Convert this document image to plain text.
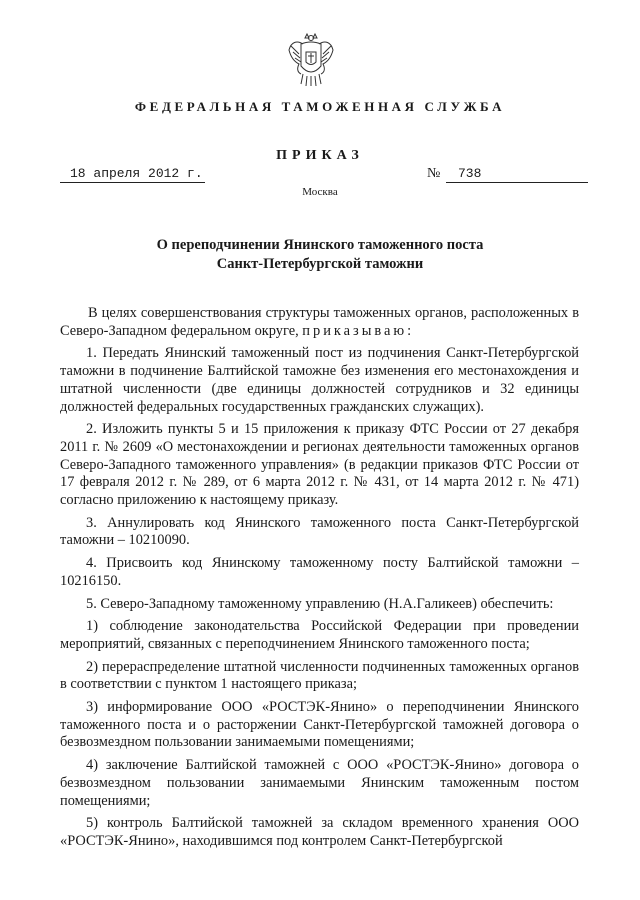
ФЕДЕРАЛЬНАЯ ТАМОЖЕННАЯ СЛУЖБА
ПРИКАЗ
18 апреля 2012 г.	№	738
Москва
О переподчинении Янинского таможенного поста
Санкт-Петербургской таможни

В целях совершенствования структуры таможенных органов, расположенных в Северо-Западном федеральном округе, приказываю:

1. Передать Янинский таможенный пост из подчинения Санкт-Петербургской таможни в подчинение Балтийской таможне без изменения его местонахождения и штатной численности (две единицы должностей сотрудников и 32 единицы должностей федеральных государственных гражданских служащих).

2. Изложить пункты 5 и 15 приложения к приказу ФТС России от 27 декабря 2011 г. № 2609 «О местонахождении и регионах деятельности таможенных органов Северо-Западного таможенного управления» (в редакции приказов ФТС России от 17 февраля 2012 г. № 289, от 6 марта 2012 г. № 431, от 14 марта 2012 г. № 471) согласно приложению к настоящему приказу.

3. Аннулировать код Янинского таможенного поста Санкт-Петербургской таможни – 10210090.

4. Присвоить код Янинскому таможенному посту Балтийской таможни – 10216150.

5. Северо-Западному таможенному управлению (Н.А.Галикеев) обеспечить:

1) соблюдение законодательства Российской Федерации при проведении мероприятий, связанных с переподчинением Янинского таможенного поста;

2) перераспределение штатной численности подчиненных таможенных органов в соответствии с пунктом 1 настоящего приказа;

3) информирование ООО «РОСТЭК-Янино» о переподчинении Янинского таможенного поста и о расторжении Санкт-Петербургской таможней договора о безвозмездном пользовании занимаемыми помещениями;

4) заключение Балтийской таможней с ООО «РОСТЭК-Янино» договора о безвозмездном пользовании занимаемыми Янинским таможенным постом помещениями;

5) контроль Балтийской таможней за складом временного хранения ООО «РОСТЭК-Янино», находившимся под контролем Санкт-Петербургской
